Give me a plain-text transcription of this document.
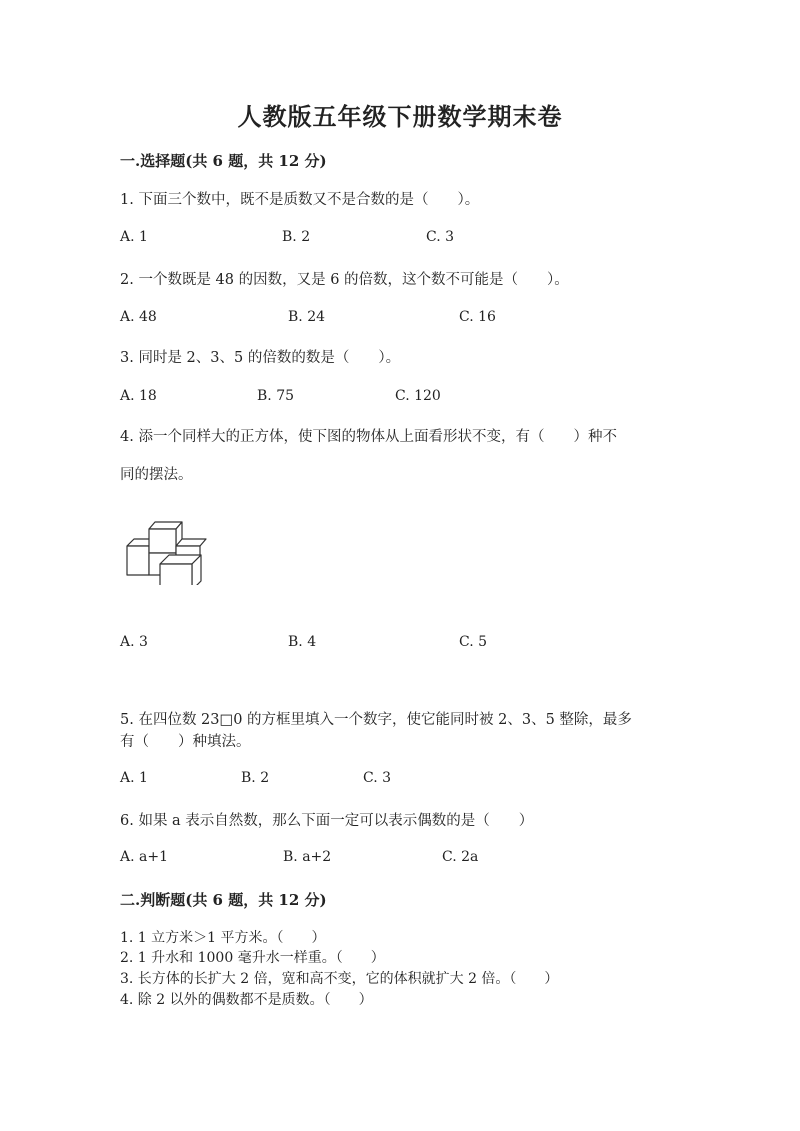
人教版五年级下册数学期末卷
一.选择题(共 6 题，共 12 分)
1. 下面三个数中，既不是质数又不是合数的是（　　）。
A. 1	B. 2	C. 3
2. 一个数既是 48 的因数，又是 6 的倍数，这个数不可能是（　　）。
A. 48	B. 24	C. 16
3. 同时是 2、3、5 的倍数的数是（　　）。
A. 18	B. 75	C. 120
4. 添一个同样大的正方体，使下图的物体从上面看形状不变，有（　　）种不
同的摆法。
A. 3	B. 4	C. 5
5. 在四位数 23□0 的方框里填入一个数字，使它能同时被 2、3、5 整除，最多
有（　　）种填法。
A. 1	B. 2	C. 3
6. 如果 a 表示自然数，那么下面一定可以表示偶数的是（　　）
A. a+1	B. a+2	C. 2a
二.判断题(共 6 题，共 12 分)
1. 1 立方米＞1 平方米。（　　）
2. 1 升水和 1000 毫升水一样重。（　　）
3. 长方体的长扩大 2 倍，宽和高不变，它的体积就扩大 2 倍。（　　）
4. 除 2 以外的偶数都不是质数。（　　）
